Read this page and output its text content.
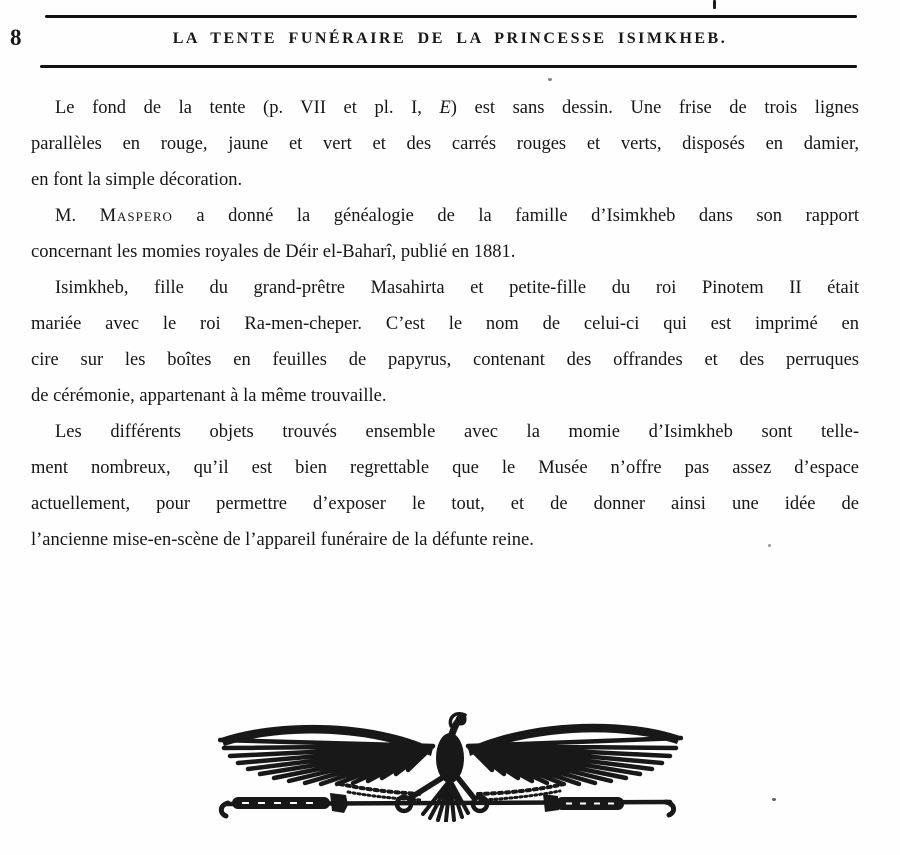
8	LA TENTE FUNÉRAIRE DE LA PRINCESSE ISIMKHEB.
Le fond de la tente (p. VII et pl. I, E) est sans dessin. Une frise de trois lignes
parallèles en rouge, jaune et vert et des carrés rouges et verts, disposés en damier,
en font la simple décoration.
M. Maspero a donné la généalogie de la famille d’Isimkheb dans son rapport
concernant les momies royales de Déir el-Baharî, publié en 1881.
Isimkheb, fille du grand-prêtre Masahirta et petite-fille du roi Pinotem II était
mariée avec le roi Ra-men-cheper. C’est le nom de celui-ci qui est imprimé en
cire sur les boîtes en feuilles de papyrus, contenant des offrandes et des perruques
de cérémonie, appartenant à la même trouvaille.
Les différents objets trouvés ensemble avec la momie d’Isimkheb sont telle-
ment nombreux, qu’il est bien regrettable que le Musée n’offre pas assez d’espace
actuellement, pour permettre d’exposer le tout, et de donner ainsi une idée de
l’ancienne mise-en-scène de l’appareil funéraire de la défunte reine.
